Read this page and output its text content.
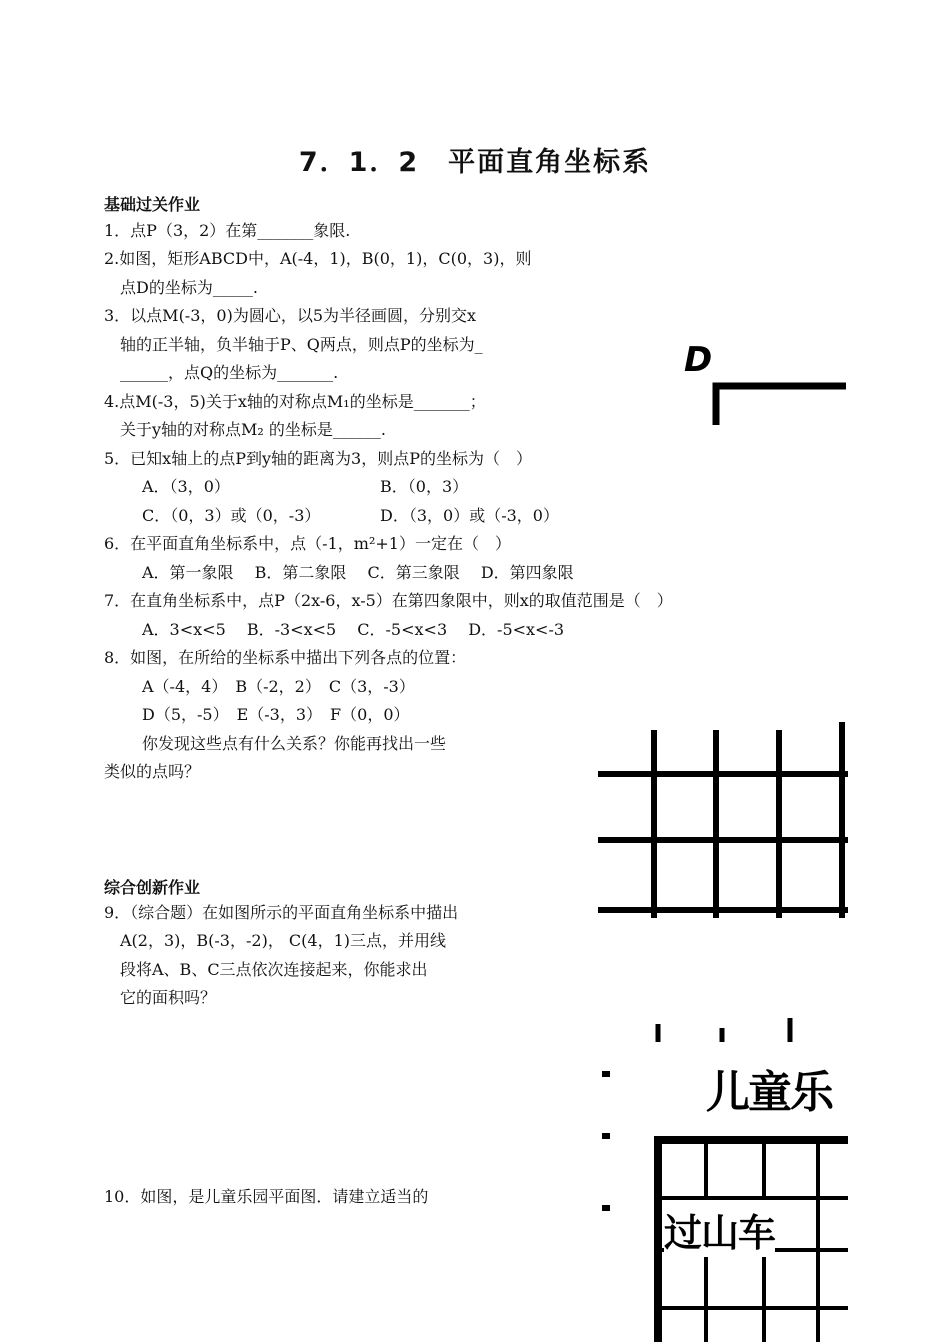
7．1．2　平面直角坐标系
基础过关作业
1．点P（3，2）在第_______象限.
2.如图，矩形ABCD中，A(-4，1)，B(0，1)，C(0，3)，则
点D的坐标为_____.
3．以点M(-3，0)为圆心，以5为半径画圆，分别交x
轴的正半轴，负半轴于P、Q两点，则点P的坐标为_
______，点Q的坐标为_______.
4.点M(-3，5)关于x轴的对称点M₁的坐标是_______；
关于y轴的对称点M₂ 的坐标是______.
5．已知x轴上的点P到y轴的距离为3，则点P的坐标为（　）
A．（3，0）	B．（0，3）
C．（0，3）或（0，-3）	D．（3，0）或（-3，0）
6．在平面直角坐标系中，点（-1，m²+1）一定在（　）
A．第一象限　 B．第二象限　 C．第三象限　 D．第四象限
7．在直角坐标系中，点P（2x-6，x-5）在第四象限中，则x的取值范围是（　）
A．3<x<5　 B．-3<x<5　 C．-5<x<3　 D．-5<x<-3
8．如图，在所给的坐标系中描出下列各点的位置：
A（-4，4）　B（-2，2）　C（3，-3）
D（5，-5）　E（-3，3）　F（0，0）
你发现这些点有什么关系？你能再找出一些
类似的点吗？
综合创新作业
9．（综合题）在如图所示的平面直角坐标系中描出
A(2，3)，B(-3，-2)， C(4，1)三点，并用线
段将A、B、C三点依次连接起来，你能求出
它的面积吗？
10．如图，是儿童乐园平面图．请建立适当的
D
儿童乐
过山车
